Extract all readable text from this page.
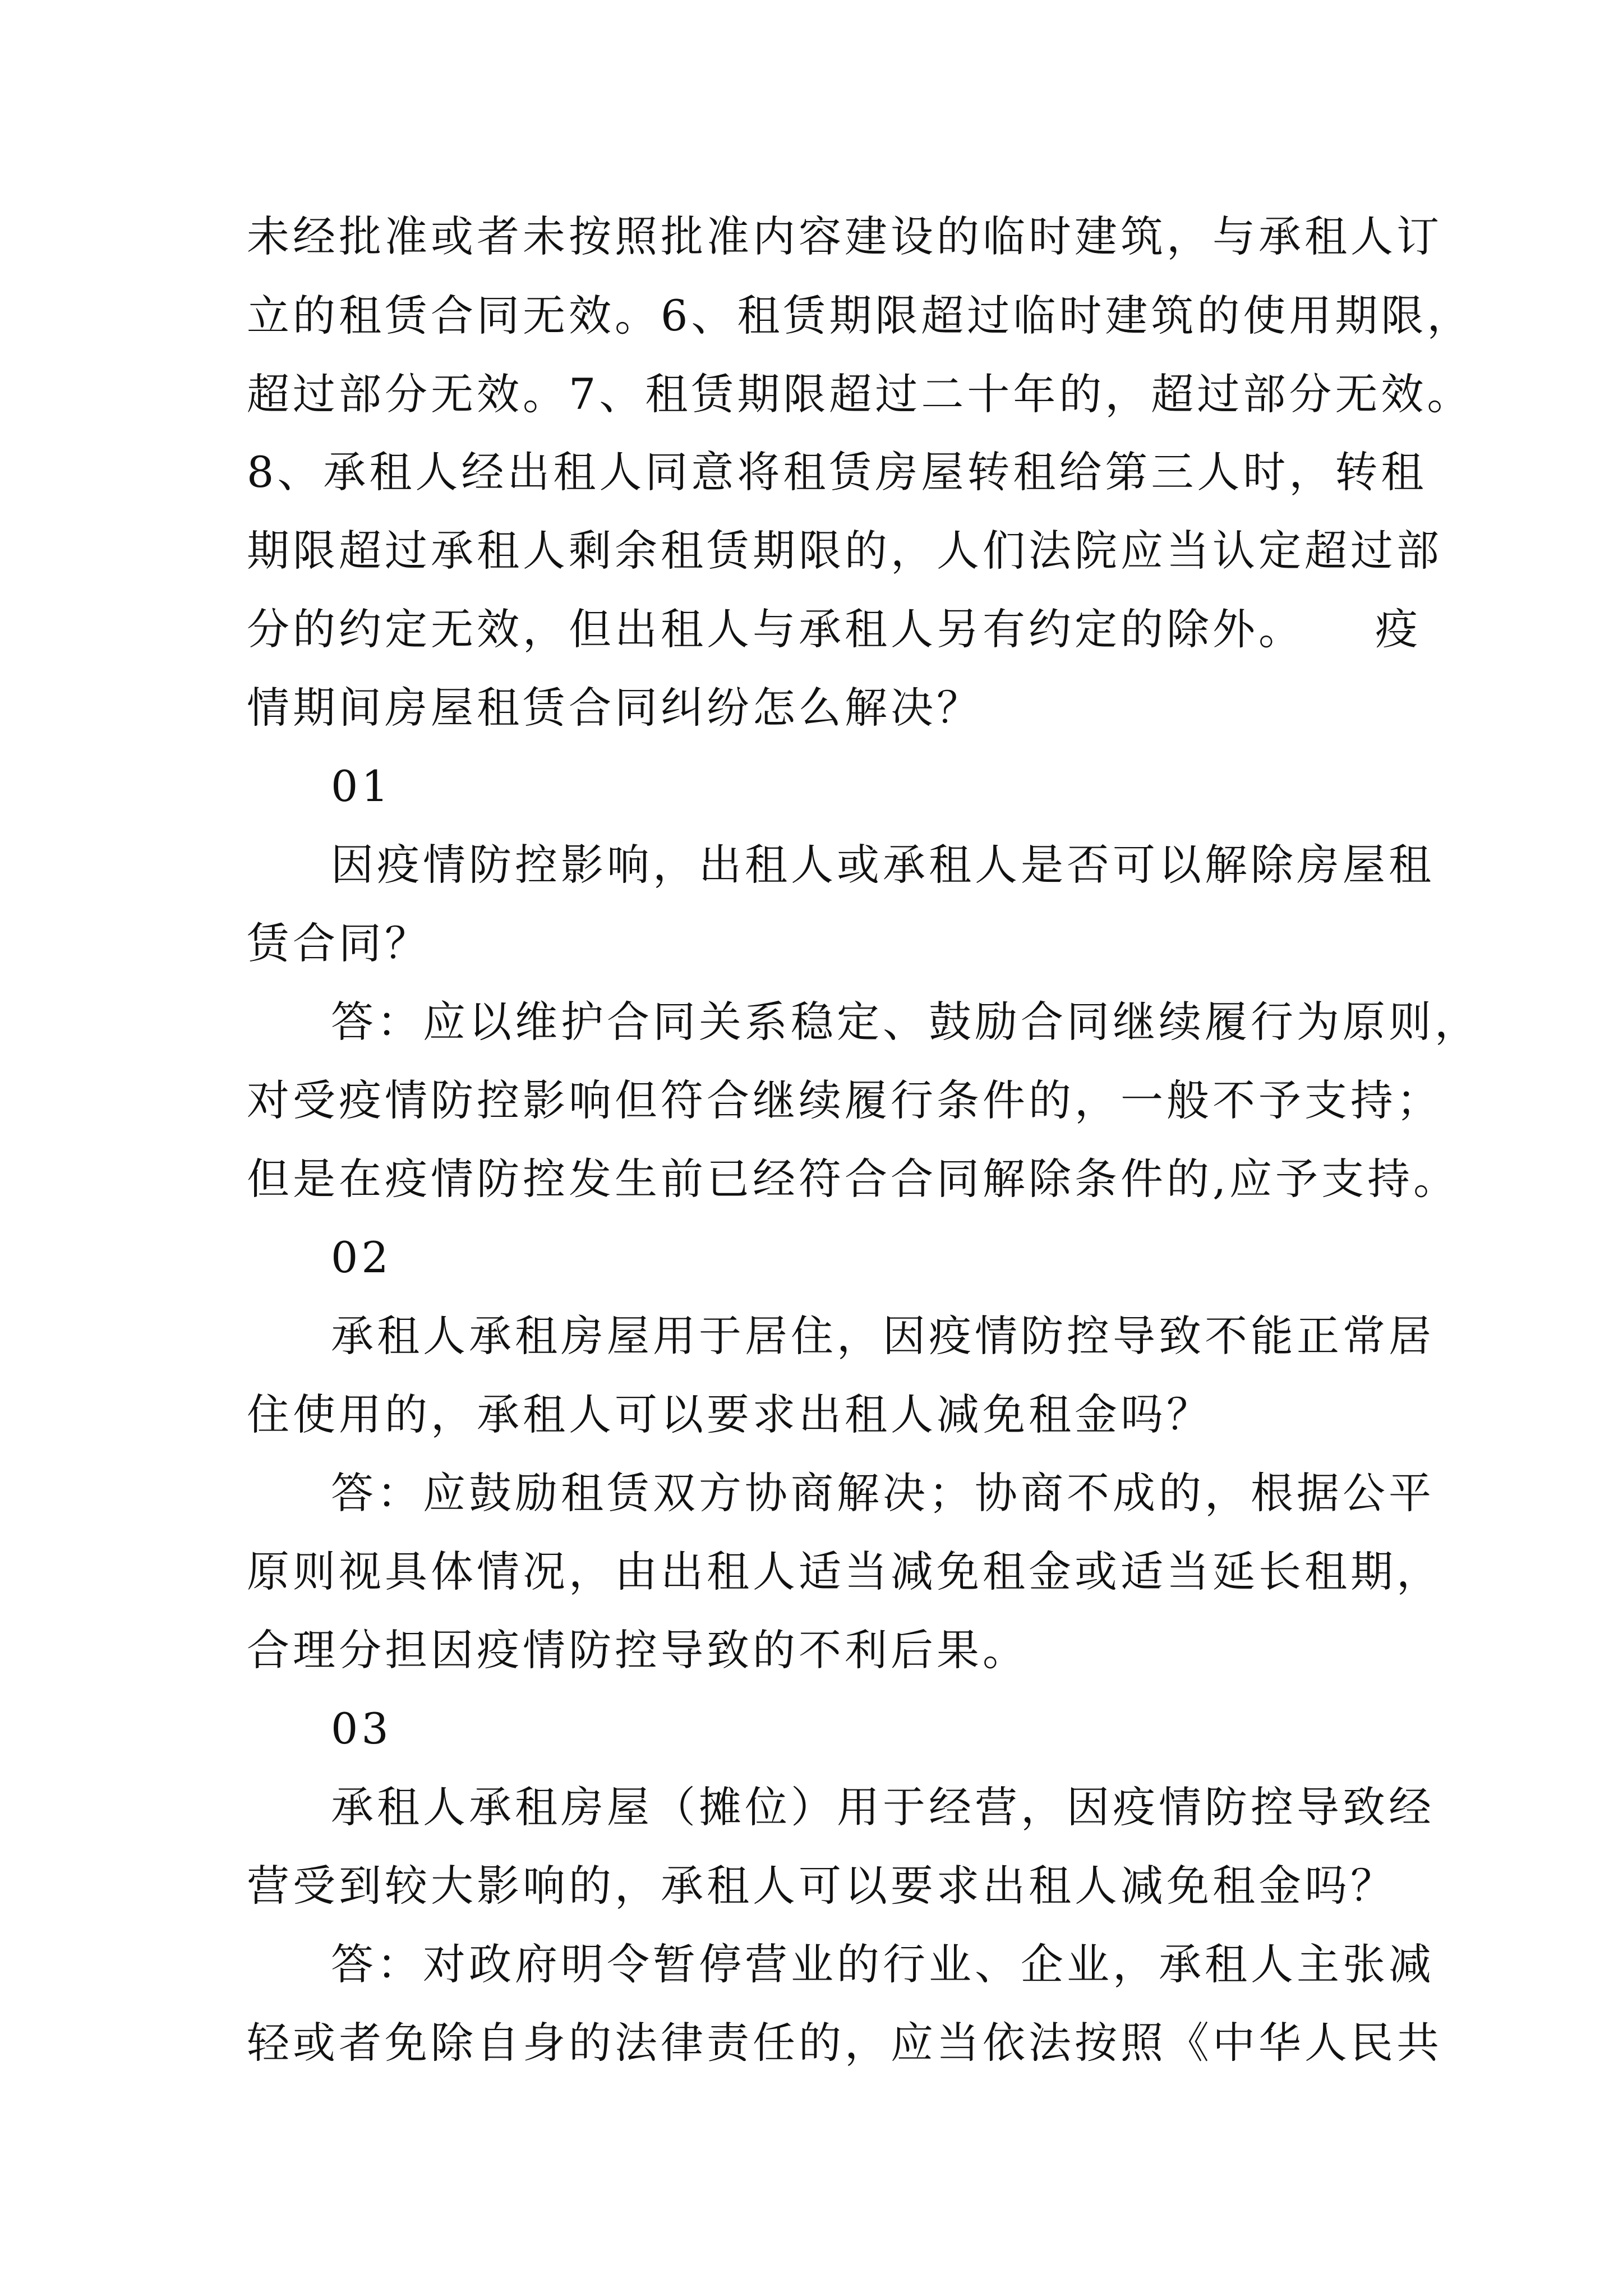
未经批准或者未按照批准内容建设的临时建筑，与承租人订
立的租赁合同无效。6、租赁期限超过临时建筑的使用期限，
超过部分无效。7、租赁期限超过二十年的，超过部分无效。
8、承租人经出租人同意将租赁房屋转租给第三人时，转租
期限超过承租人剩余租赁期限的，人们法院应当认定超过部
分的约定无效，但出租人与承租人另有约定的除外。　　疫
情期间房屋租赁合同纠纷怎么解决？
01
因疫情防控影响，出租人或承租人是否可以解除房屋租
赁合同？
答：应以维护合同关系稳定、鼓励合同继续履行为原则，
对受疫情防控影响但符合继续履行条件的，一般不予支持；
但是在疫情防控发生前已经符合合同解除条件的,应予支持。
02
承租人承租房屋用于居住，因疫情防控导致不能正常居
住使用的，承租人可以要求出租人减免租金吗？
答：应鼓励租赁双方协商解决；协商不成的，根据公平
原则视具体情况，由出租人适当减免租金或适当延长租期，
合理分担因疫情防控导致的不利后果。
03
承租人承租房屋（摊位）用于经营，因疫情防控导致经
营受到较大影响的，承租人可以要求出租人减免租金吗？
答：对政府明令暂停营业的行业、企业，承租人主张减
轻或者免除自身的法律责任的，应当依法按照《中华人民共
